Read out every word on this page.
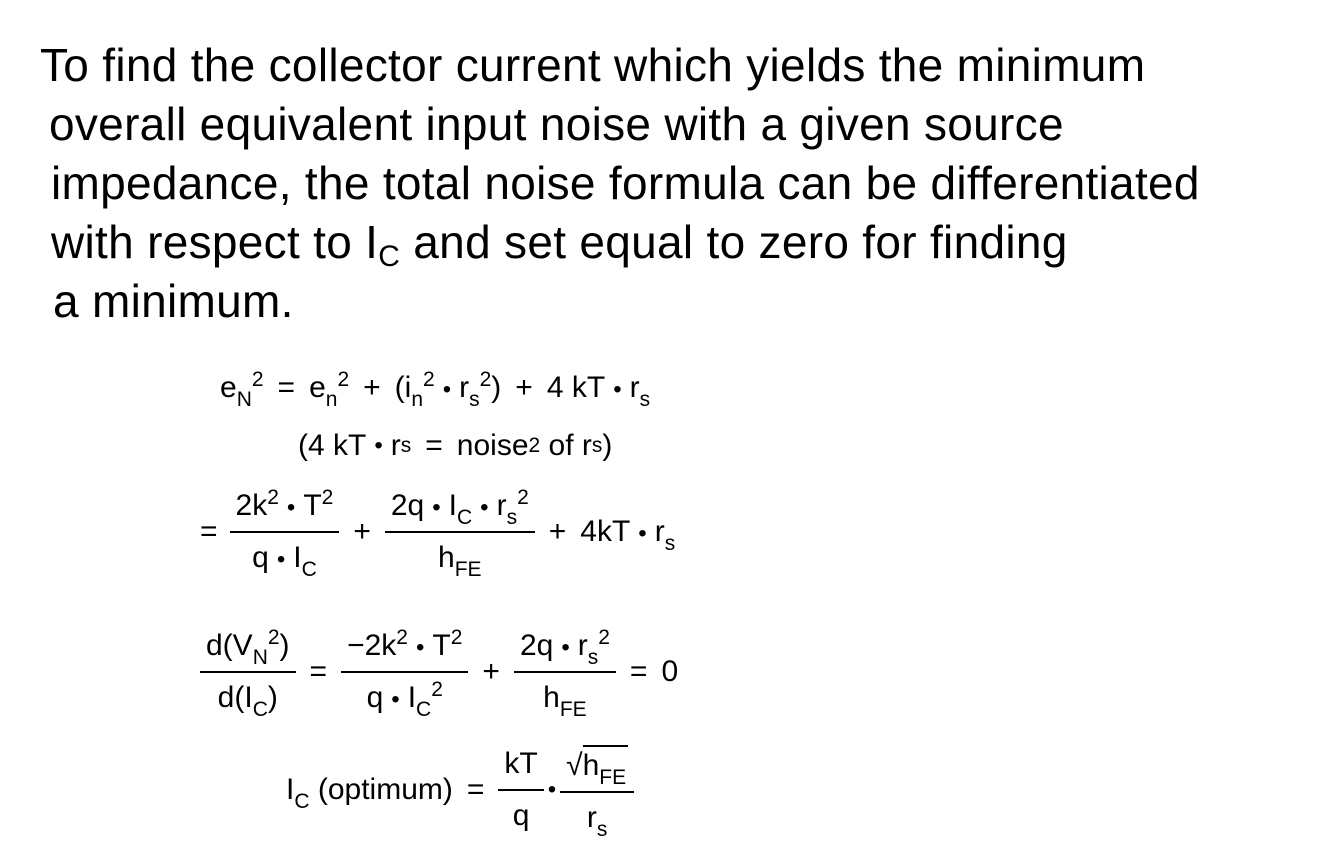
To find the collector current which yields the minimum
overall equivalent input noise with a given source
impedance, the total noise formula can be differentiated
with respect to $I_C$ and set equal to zero for finding
a minimum.
$e_N^2 = e_n^2 + (i_n^2$ • $r_s^2) + 4$ kT • $r_s$
(4 kT • r s = noise 2 of r s )
= $\frac{2k^2 • T^2}{q • I_C} + \frac{2q • I_C • r_s^2}{h_{FE}} + 4kT$ • $r_s$
$\frac{d(V_N^2)}{d(I_C)} = \frac{-2k^2 • T^2}{q • I_C^2} + \frac{2q • r_s^2}{h_{FE}} = 0$
$I_C$ (optimum) = $\frac{kT}{q}$ • $\frac{√h_{FE}}{r_s}$
